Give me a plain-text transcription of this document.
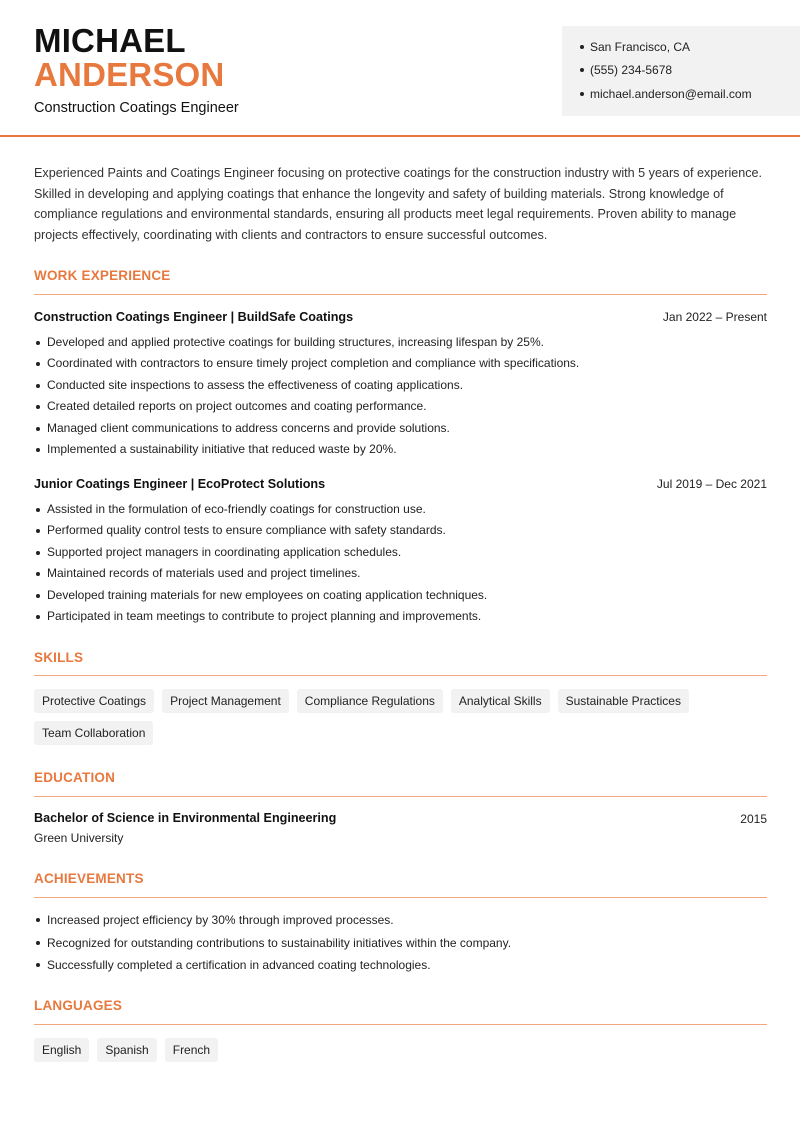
MICHAEL
ANDERSON
Construction Coatings Engineer
San Francisco, CA
(555) 234-5678
michael.anderson@email.com

Experienced Paints and Coatings Engineer focusing on protective coatings for the construction industry with 5 years of experience. Skilled in developing and applying coatings that enhance the longevity and safety of building materials. Strong knowledge of compliance regulations and environmental standards, ensuring all products meet legal requirements. Proven ability to manage projects effectively, coordinating with clients and contractors to ensure successful outcomes.

WORK EXPERIENCE
Construction Coatings Engineer | BuildSafe Coatings	Jan 2022 – Present
Developed and applied protective coatings for building structures, increasing lifespan by 25%.
Coordinated with contractors to ensure timely project completion and compliance with specifications.
Conducted site inspections to assess the effectiveness of coating applications.
Created detailed reports on project outcomes and coating performance.
Managed client communications to address concerns and provide solutions.
Implemented a sustainability initiative that reduced waste by 20%.
Junior Coatings Engineer | EcoProtect Solutions	Jul 2019 – Dec 2021
Assisted in the formulation of eco-friendly coatings for construction use.
Performed quality control tests to ensure compliance with safety standards.
Supported project managers in coordinating application schedules.
Maintained records of materials used and project timelines.
Developed training materials for new employees on coating application techniques.
Participated in team meetings to contribute to project planning and improvements.
SKILLS
Protective Coatings	Project Management	Compliance Regulations	Analytical Skills	Sustainable Practices
Team Collaboration
EDUCATION
Bachelor of Science in Environmental Engineering	2015
Green University
ACHIEVEMENTS
Increased project efficiency by 30% through improved processes.
Recognized for outstanding contributions to sustainability initiatives within the company.
Successfully completed a certification in advanced coating technologies.
LANGUAGES
English	Spanish	French
